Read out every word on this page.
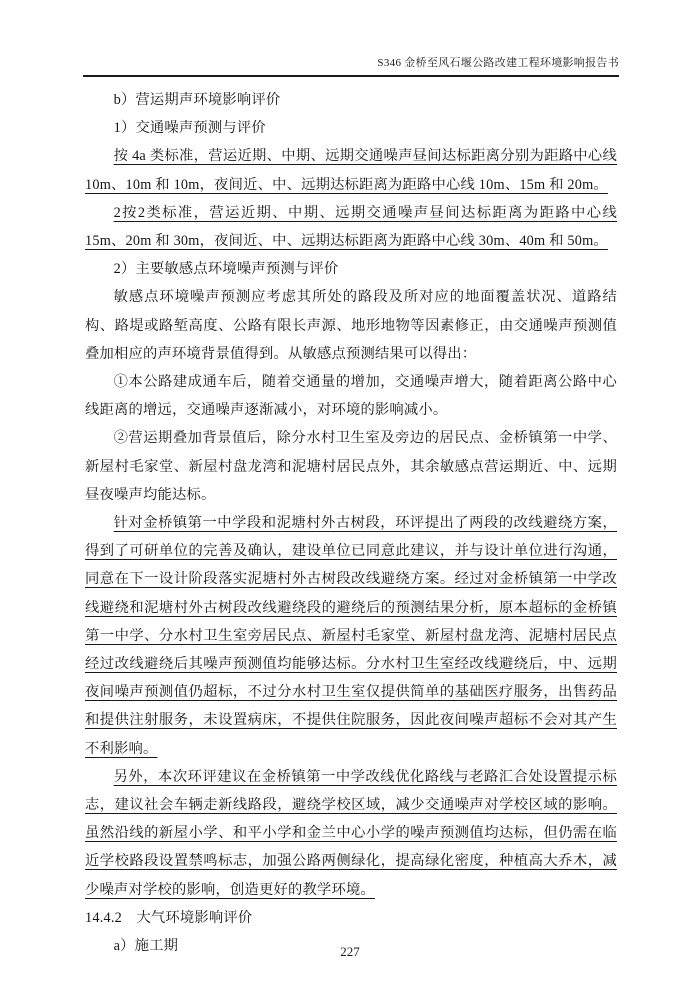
S346 金桥至风石堰公路改建工程环境影响报告书

b）营运期声环境影响评价

1）交通噪声预测与评价

按 4a 类标准，营运近期、中期、远期交通噪声昼间达标距离分别为距路中心线 10m、10m 和 10m，夜间近、中、远期达标距离为距路中心线 10m、15m 和 20m。

2按2类标准，营运近期、中期、远期交通噪声昼间达标距离为距路中心线 15m、20m 和 30m，夜间近、中、远期达标距离为距路中心线 30m、40m 和 50m。

2）主要敏感点环境噪声预测与评价

敏感点环境噪声预测应考虑其所处的路段及所对应的地面覆盖状况、道路结构、路堤或路堑高度、公路有限长声源、地形地物等因素修正，由交通噪声预测值叠加相应的声环境背景值得到。从敏感点预测结果可以得出：

①本公路建成通车后，随着交通量的增加，交通噪声增大，随着距离公路中心线距离的增远，交通噪声逐渐减小，对环境的影响减小。

②营运期叠加背景值后，除分水村卫生室及旁边的居民点、金桥镇第一中学、新屋村毛家堂、新屋村盘龙湾和泥塘村居民点外，其余敏感点营运期近、中、远期昼夜噪声均能达标。

针对金桥镇第一中学段和泥塘村外古树段，环评提出了两段的改线避绕方案，得到了可研单位的完善及确认，建设单位已同意此建议，并与设计单位进行沟通，同意在下一设计阶段落实泥塘村外古树段改线避绕方案。经过对金桥镇第一中学改线避绕和泥塘村外古树段改线避绕段的避绕后的预测结果分析，原本超标的金桥镇第一中学、分水村卫生室旁居民点、新屋村毛家堂、新屋村盘龙湾、泥塘村居民点经过改线避绕后其噪声预测值均能够达标。分水村卫生室经改线避绕后，中、远期夜间噪声预测值仍超标，不过分水村卫生室仅提供简单的基础医疗服务，出售药品和提供注射服务，未设置病床，不提供住院服务，因此夜间噪声超标不会对其产生不利影响。

另外，本次环评建议在金桥镇第一中学改线优化路线与老路汇合处设置提示标志，建议社会车辆走新线路段，避绕学校区域，减少交通噪声对学校区域的影响。虽然沿线的新屋小学、和平小学和金兰中心小学的噪声预测值均达标，但仍需在临近学校路段设置禁鸣标志，加强公路两侧绿化，提高绿化密度，种植高大乔木，减少噪声对学校的影响，创造更好的教学环境。

14.4.2　大气环境影响评价

a）施工期	227
